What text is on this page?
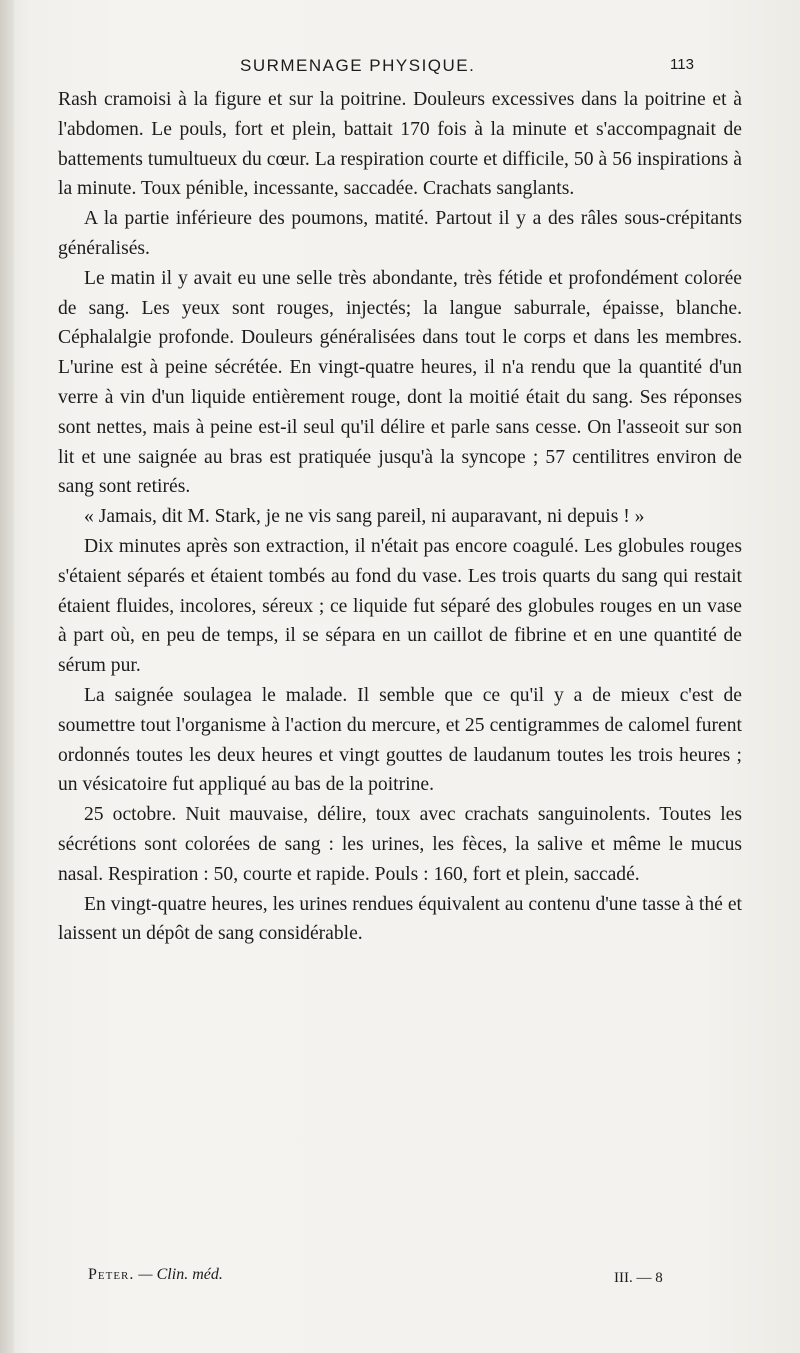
SURMENAGE PHYSIQUE.	113

Rash cramoisi à la figure et sur la poitrine. Douleurs excessives dans la poitrine et à l'abdomen. Le pouls, fort et plein, battait 170 fois à la minute et s'accompagnait de battements tumultueux du cœur. La respiration courte et difficile, 50 à 56 inspirations à la minute. Toux pénible, incessante, saccadée. Crachats sanglants.

A la partie inférieure des poumons, matité. Partout il y a des râles sous-crépitants généralisés.

Le matin il y avait eu une selle très abondante, très fétide et profondément colorée de sang. Les yeux sont rouges, injectés; la langue saburrale, épaisse, blanche. Céphalalgie profonde. Douleurs généralisées dans tout le corps et dans les membres. L'urine est à peine sécrétée. En vingt-quatre heures, il n'a rendu que la quantité d'un verre à vin d'un liquide entièrement rouge, dont la moitié était du sang. Ses réponses sont nettes, mais à peine est-il seul qu'il délire et parle sans cesse. On l'asseoit sur son lit et une saignée au bras est pratiquée jusqu'à la syncope ; 57 centilitres environ de sang sont retirés.

« Jamais, dit M. Stark, je ne vis sang pareil, ni auparavant, ni depuis ! »

Dix minutes après son extraction, il n'était pas encore coagulé. Les globules rouges s'étaient séparés et étaient tombés au fond du vase. Les trois quarts du sang qui restait étaient fluides, incolores, séreux ; ce liquide fut séparé des globules rouges en un vase à part où, en peu de temps, il se sépara en un caillot de fibrine et en une quantité de sérum pur.

La saignée soulagea le malade. Il semble que ce qu'il y a de mieux c'est de soumettre tout l'organisme à l'action du mercure, et 25 centigrammes de calomel furent ordonnés toutes les deux heures et vingt gouttes de laudanum toutes les trois heures ; un vésicatoire fut appliqué au bas de la poitrine.

25 octobre. Nuit mauvaise, délire, toux avec crachats sanguinolents. Toutes les sécrétions sont colorées de sang : les urines, les fèces, la salive et même le mucus nasal. Respiration : 50, courte et rapide. Pouls : 160, fort et plein, saccadé.

En vingt-quatre heures, les urines rendues équivalent au contenu d'une tasse à thé et laissent un dépôt de sang considérable.

Peter. — Clin. méd.	III. — 8
